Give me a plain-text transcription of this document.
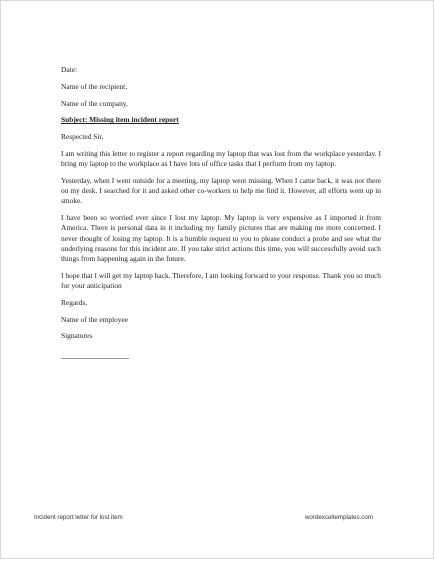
Date:

Name of the recipient,

Name of the company,

Subject: Missing item incident report

Respected Sir,

I am writing this letter to register a report regarding my laptop that was lost from the workplace yesterday. I bring my laptop to the workplace as I have lots of office tasks that I perform from my laptop.

Yesterday, when I went outside for a meeting, my laptop went missing. When I came back, it was not there on my desk. I searched for it and asked other co-workers to help me find it. However, all efforts went up in smoke.

I have been so worried ever since I lost my laptop. My laptop is very expensive as I imported it from America. There is personal data in it including my family pictures that are making me more concerned. I never thought of losing my laptop. It is a humble request to you to please conduct a probe and see what the underlying reasons for this incident are. If you take strict actions this time, you will successfully avoid such things from happening again in the future.

I hope that I will get my laptop back. Therefore, I am looking forward to your response. Thank you so much for your anticipation

Regards,

Name of the employee

Signatures

Incident report letter for lost item	wordexceltemplates.com
